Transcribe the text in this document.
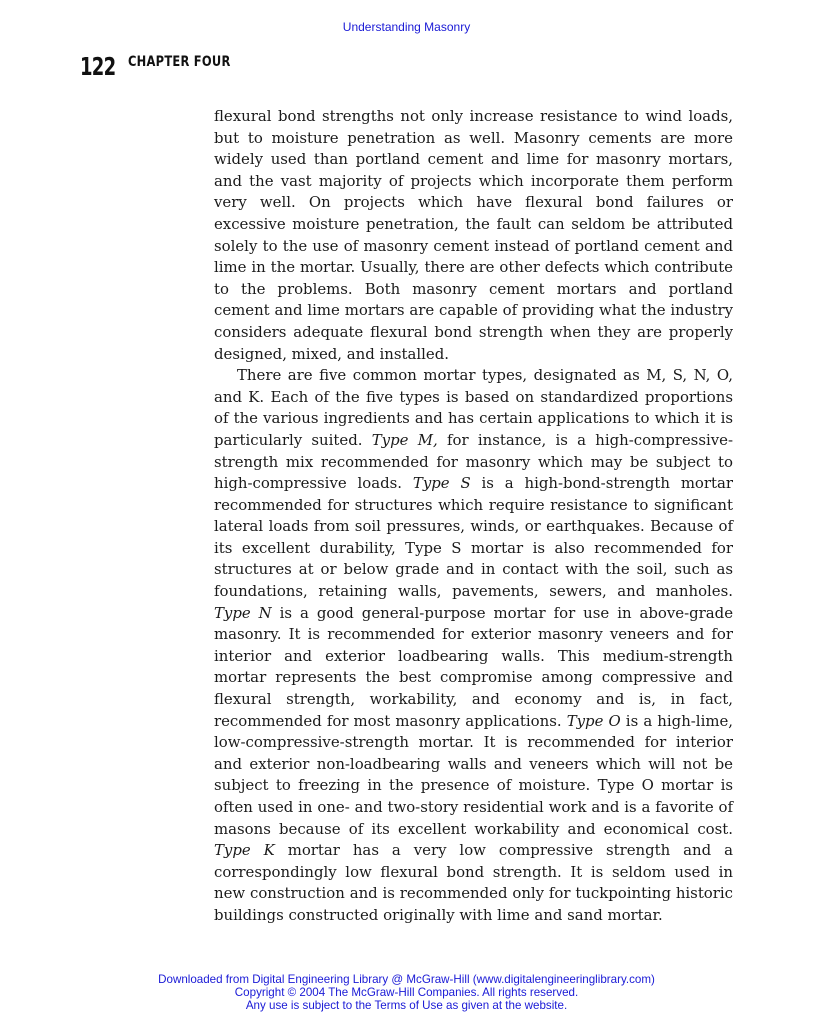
Understanding Masonry
122 CHAPTER FOUR

flexural bond strengths not only increase resistance to wind loads, but to moisture penetration as well. Masonry cements are more widely used than portland cement and lime for masonry mortars, and the vast majority of projects which incorporate them perform very well. On projects which have flexural bond failures or excessive moisture penetration, the fault can seldom be attributed solely to the use of masonry cement instead of portland cement and lime in the mortar. Usually, there are other defects which contribute to the problems. Both masonry cement mortars and portland cement and lime mortars are capable of providing what the industry considers adequate flexural bond strength when they are properly designed, mixed, and installed.

There are five common mortar types, designated as M, S, N, O, and K. Each of the five types is based on standardized proportions of the various ingredients and has certain applications to which it is particularly suited. Type M, for instance, is a high-compressive-strength mix recommended for masonry which may be subject to high-compressive loads. Type S is a high-bond-strength mortar recommended for structures which require resistance to significant lateral loads from soil pressures, winds, or earthquakes. Because of its excellent durability, Type S mortar is also recommended for structures at or below grade and in contact with the soil, such as foundations, retaining walls, pavements, sewers, and manholes. Type N is a good general-purpose mortar for use in above-grade masonry. It is recommended for exterior masonry veneers and for interior and exterior loadbearing walls. This medium-strength mortar represents the best compromise among compressive and flexural strength, workability, and economy and is, in fact, recommended for most masonry applications. Type O is a high-lime, low-compressive-strength mortar. It is recommended for interior and exterior non-loadbearing walls and veneers which will not be subject to freezing in the presence of moisture. Type O mortar is often used in one- and two-story residential work and is a favorite of masons because of its excellent workability and economical cost. Type K mortar has a very low compressive strength and a correspondingly low flexural bond strength. It is seldom used in new construction and is recommended only for tuckpointing historic buildings constructed originally with lime and sand mortar.

Downloaded from Digital Engineering Library @ McGraw-Hill (www.digitalengineeringlibrary.com)
Copyright © 2004 The McGraw-Hill Companies. All rights reserved.
Any use is subject to the Terms of Use as given at the website.
